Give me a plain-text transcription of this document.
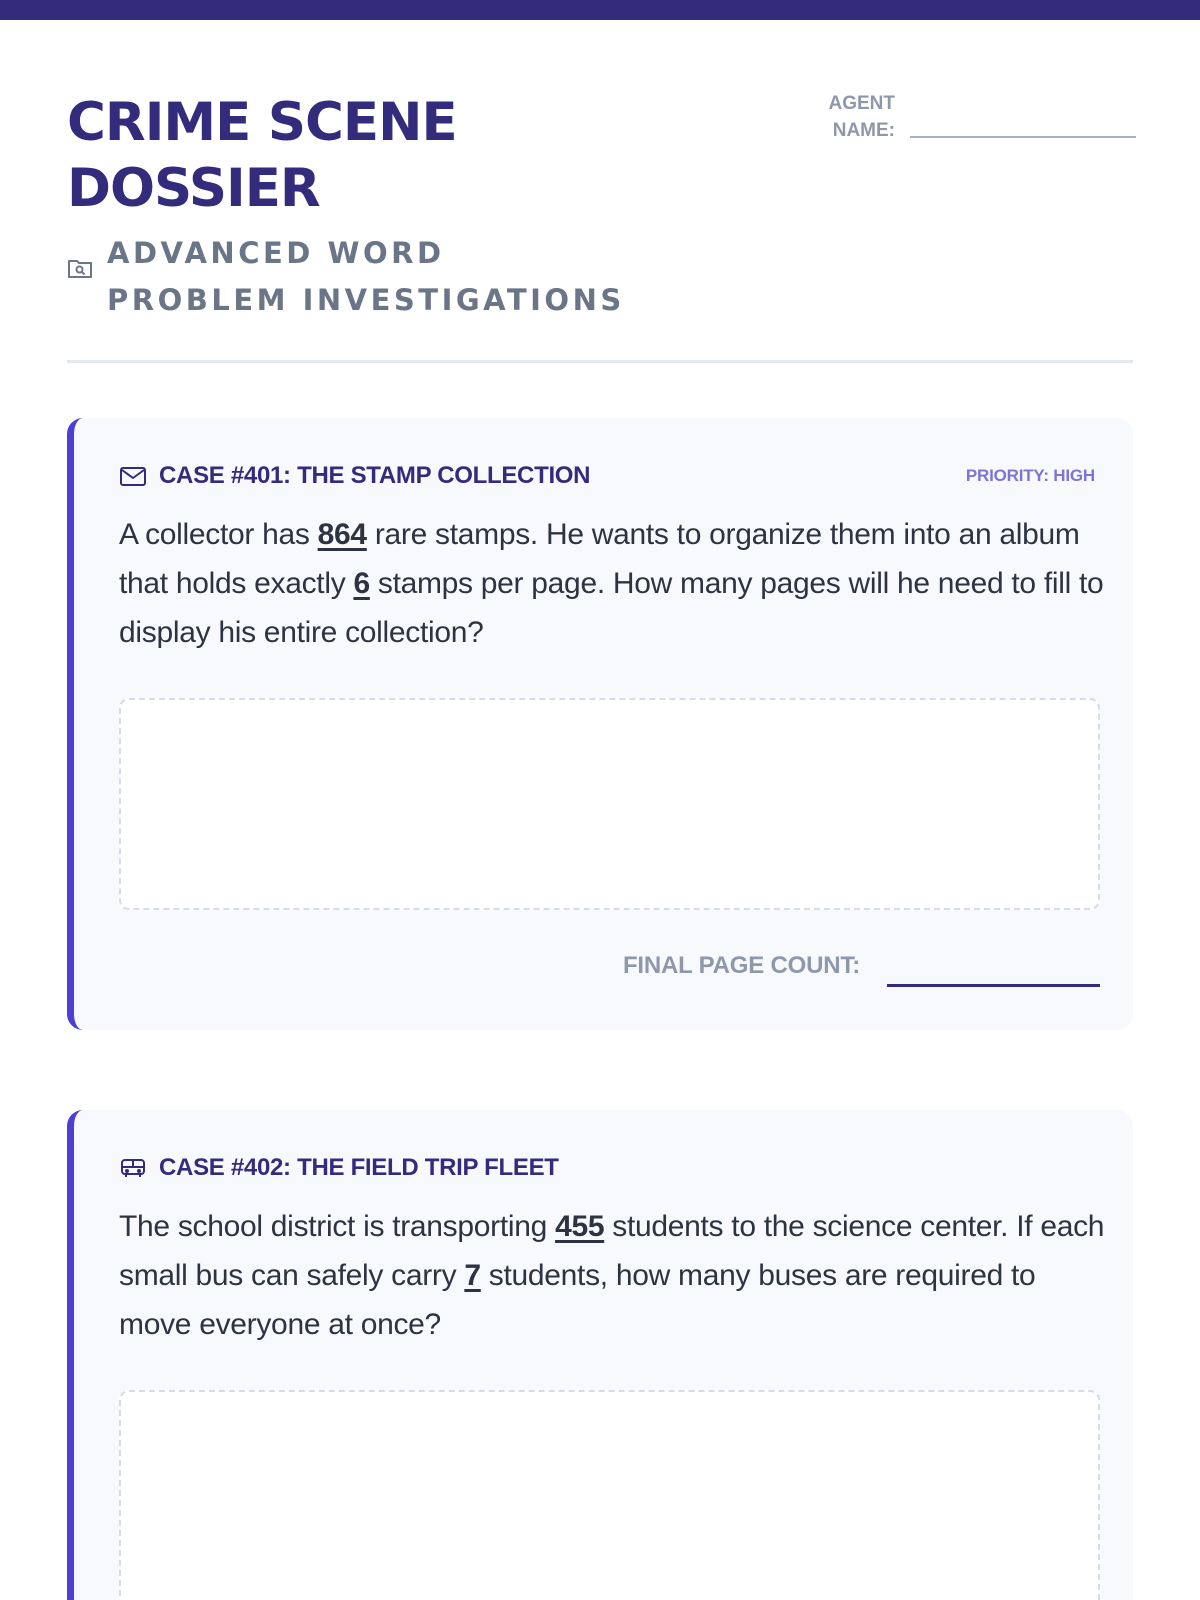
CRIME SCENE DOSSIER
ADVANCED WORD PROBLEM INVESTIGATIONS
AGENT NAME:
CASE #401: THE STAMP COLLECTION	PRIORITY: HIGH
A collector has 864 rare stamps. He wants to organize them into an album that holds exactly 6 stamps per page. How many pages will he need to fill to display his entire collection?
FINAL PAGE COUNT:
CASE #402: THE FIELD TRIP FLEET
The school district is transporting 455 students to the science center. If each small bus can safely carry 7 students, how many buses are required to move everyone at once?
